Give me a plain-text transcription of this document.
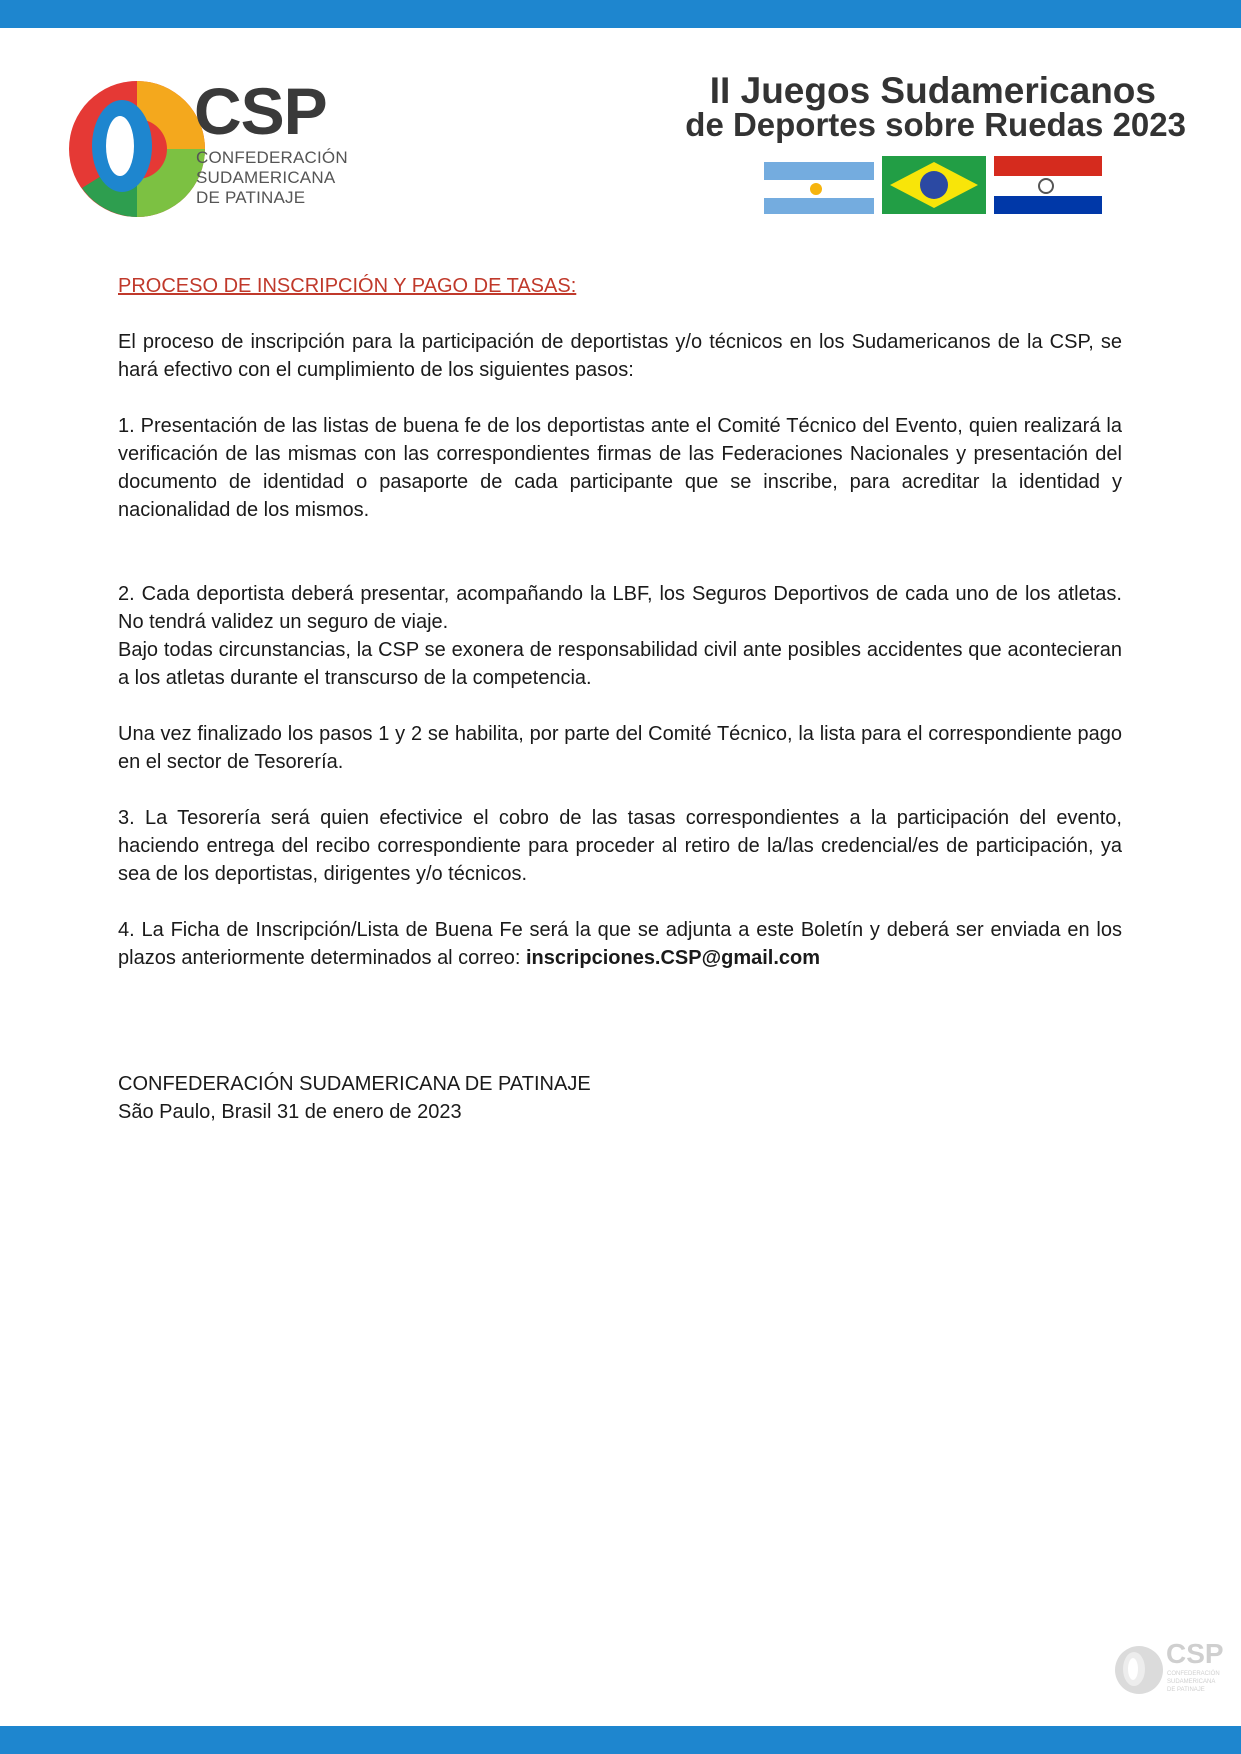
CSP
CONFEDERACIÓN
SUDAMERICANA
DE PATINAJE
II Juegos Sudamericanos
de Deportes sobre Ruedas 2023

PROCESO DE INSCRIPCIÓN Y PAGO DE TASAS:

El proceso de inscripción para la participación de deportistas y/o técnicos en los Sudamericanos de la CSP, se hará efectivo con el cumplimiento de los siguientes pasos:

1. Presentación de las listas de buena fe de los deportistas ante el Comité Técnico del Evento, quien realizará la verificación de las mismas con las correspondientes firmas de las Federaciones Nacionales y presentación del documento de identidad o pasaporte de cada participante que se inscribe, para acreditar la identidad y nacionalidad de los mismos.

2. Cada deportista deberá presentar, acompañando la LBF, los Seguros Deportivos de cada uno de los atletas. No tendrá validez un seguro de viaje.

Bajo todas circunstancias, la CSP se exonera de responsabilidad civil ante posibles accidentes que acontecieran a los atletas durante el transcurso de la competencia.

Una vez finalizado los pasos 1 y 2 se habilita, por parte del Comité Técnico, la lista para el correspondiente pago en el sector de Tesorería.

3. La Tesorería será quien efectivice el cobro de las tasas correspondientes a la participación del evento, haciendo entrega del recibo correspondiente para proceder al retiro de la/las credencial/es de participación, ya sea de los deportistas, dirigentes y/o técnicos.

4. La Ficha de Inscripción/Lista de Buena Fe será la que se adjunta a este Boletín y deberá ser enviada en los plazos anteriormente determinados al correo: inscripciones.CSP@gmail.com

CONFEDERACIÓN SUDAMERICANA DE PATINAJE
São Paulo, Brasil 31 de enero de 2023
CSP
CONFEDERACIÓN
SUDAMERICANA
DE PATINAJE
